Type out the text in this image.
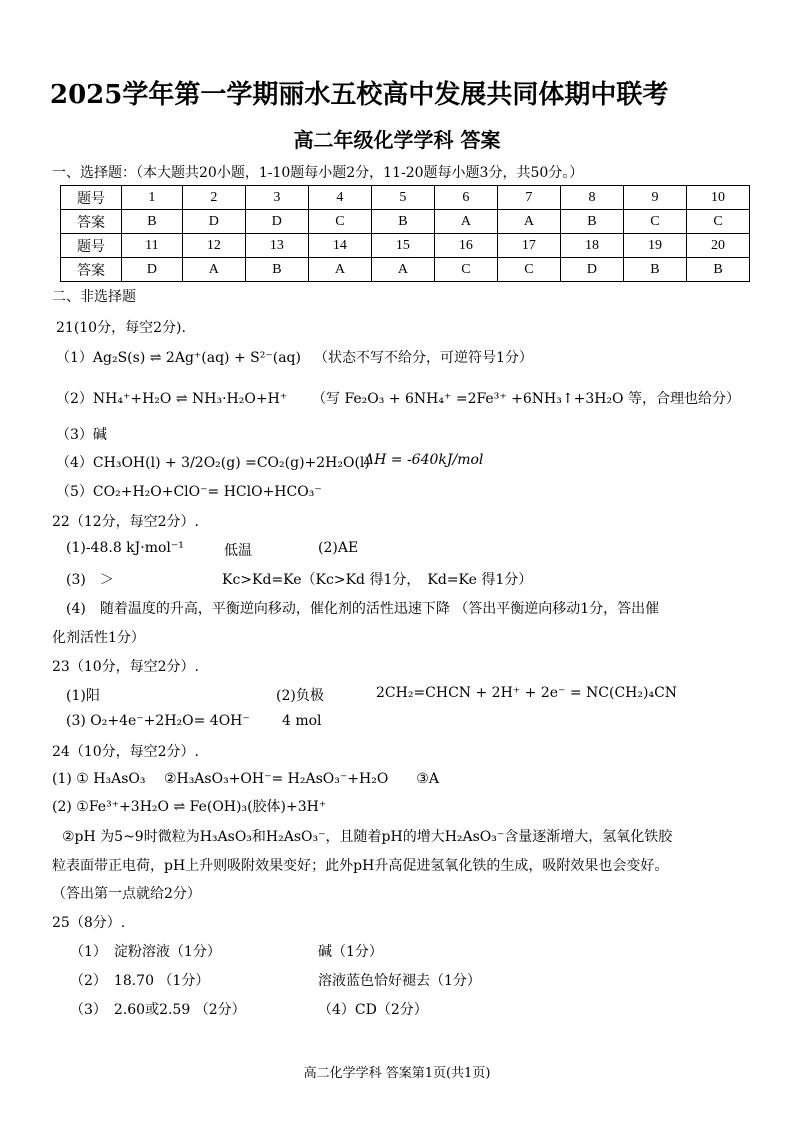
2025学年第一学期丽水五校高中发展共同体期中联考
高二年级化学学科 答案
一、选择题：（本大题共20小题，1-10题每小题2分，11-20题每小题3分，共50分。）
题号	1	2	3	4	5	6	7	8	9	10
答案	B	D	D	C	B	A	A	B	C	C
题号	11	12	13	14	15	16	17	18	19	20
答案	D	A	B	A	A	C	C	D	B	B
二、非选择题
21(10分，每空2分).
（1）Ag₂S(s) ⇌ 2Ag⁺(aq) + S²⁻(aq) （状态不写不给分，可逆符号1分）
（2）NH₄⁺+H₂O ⇌ NH₃·H₂O+H⁺ （写 Fe₂O₃ + 6NH₄⁺ =2Fe³⁺ +6NH₃↑+3H₂O 等，合理也给分）
（3）碱
（4）CH₃OH(l) + 3/2O₂(g) =CO₂(g)+2H₂O(l)
ΔH = -640kJ/mol
（5）CO₂+H₂O+ClO⁻= HClO+HCO₃⁻
22（12分，每空2分）.
(1)-48.8 kJ·mol⁻¹	低温	(2)AE
(3)　＞	Kc>Kd=Ke（Kc>Kd 得1分，　Kd=Ke 得1分）
(4)　随着温度的升高，平衡逆向移动，催化剂的活性迅速下降 （答出平衡逆向移动1分，答出催
化剂活性1分）
23（10分，每空2分）.
(1)阳	(2)负极	2CH₂=CHCN + 2H⁺ + 2e⁻ = NC(CH₂)₄CN
(3) O₂+4e⁻+2H₂O= 4OH⁻ 4 mol
24（10分，每空2分）.
(1) ① H₃AsO₃　 ②H₃AsO₃+OH⁻= H₂AsO₃⁻+H₂O　　③A
(2) ①Fe³⁺+3H₂O ⇌ Fe(OH)₃(胶体)+3H⁺
②pH 为5~9时微粒为H₃AsO₃和H₂AsO₃⁻，且随着pH的增大H₂AsO₃⁻含量逐渐增大，氢氧化铁胶
粒表面带正电荷，pH上升则吸附效果变好；此外pH升高促进氢氧化铁的生成，吸附效果也会变好。
（答出第一点就给2分）
25（8分）.
（1）　淀粉溶液（1分）	碱（1分）
（2）　18.70 （1分）	溶液蓝色恰好褪去（1分）
（3）　2.60或2.59 （2分）	（4）CD（2分）
高二化学学科 答案第1页(共1页)
